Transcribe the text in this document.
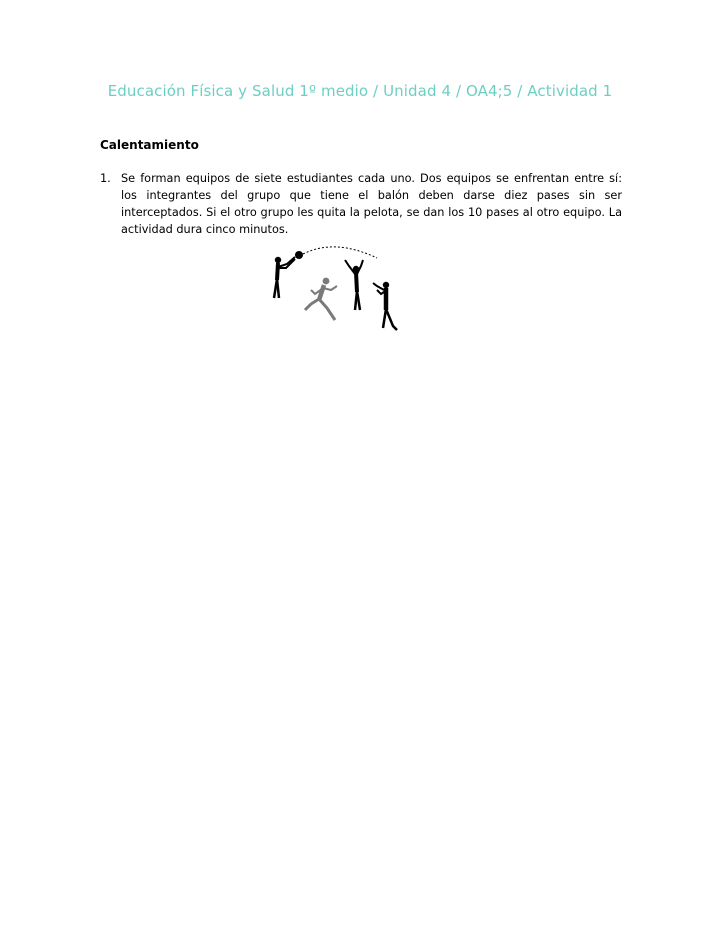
Educación Física y Salud 1º medio / Unidad 4 / OA4;5 / Actividad 1
Calentamiento
1. Se forman equipos de siete estudiantes cada uno. Dos equipos se enfrentan entre sí: los integrantes del grupo que tiene el balón deben darse diez pases sin ser interceptados. Si el otro grupo les quita la pelota, se dan los 10 pases al otro equipo. La actividad dura cinco minutos.
